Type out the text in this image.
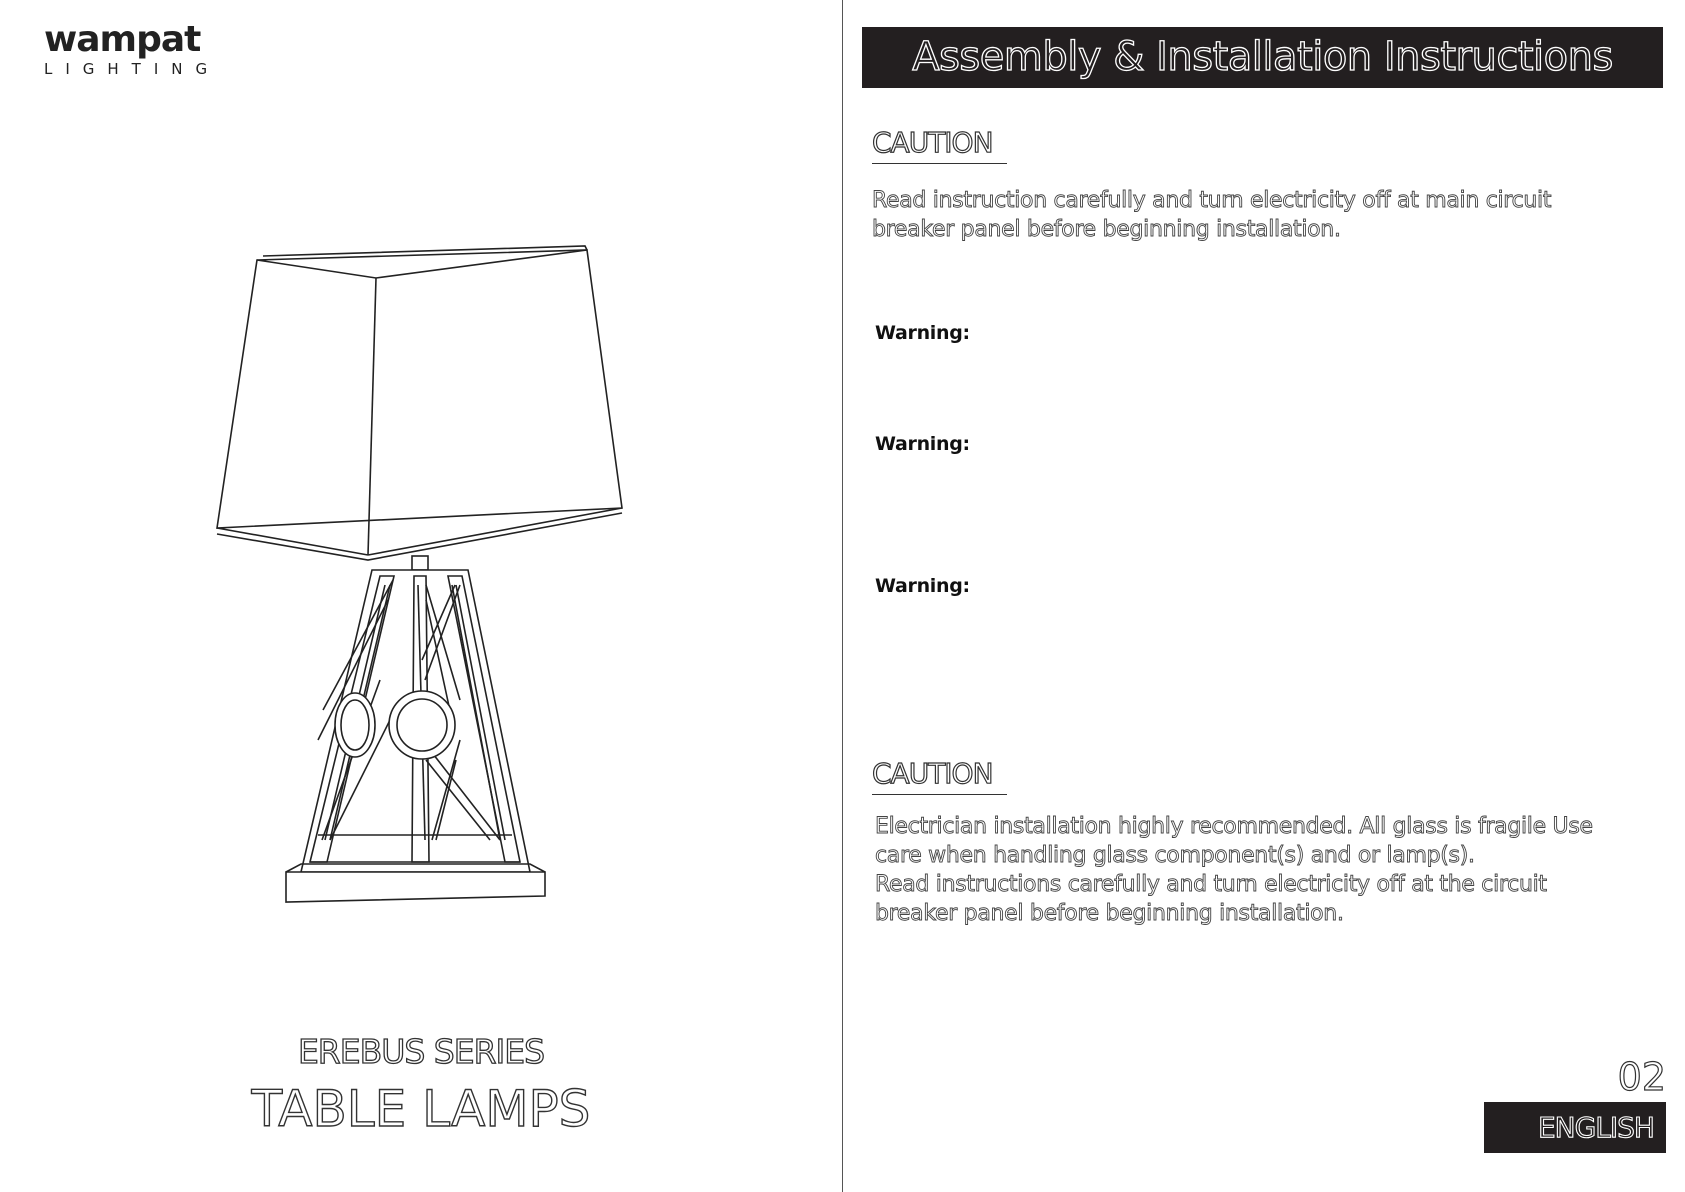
wampat
LIGHTING
EREBUS SERIES
TABLE LAMPS
Assembly & Installation Instructions
CAUTION
Read instruction carefully and turn electricity off at main circuit breaker panel before beginning installation.
Warning:
Warning:
Warning:
CAUTION
Electrician installation highly recommended. All glass is fragile Use
care when handling glass component(s) and or lamp(s).
Read instructions carefully and turn electricity off at the circuit
breaker panel before beginning installation.
02
ENGLISH
